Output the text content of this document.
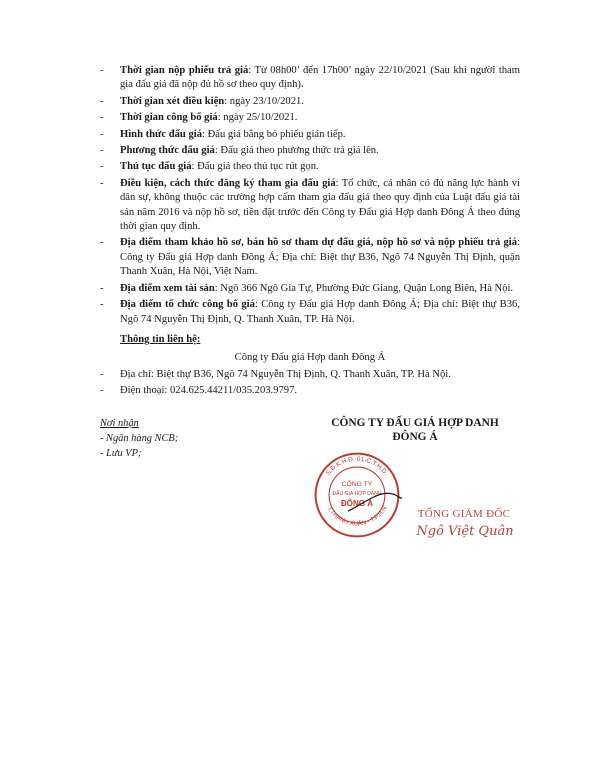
- Thời gian nộp phiếu trả giá: Từ 08h00’ đến 17h00’ ngày 22/10/2021 (Sau khi người tham gia đấu giá đã nộp đủ hồ sơ theo quy định).
- Thời gian xét điều kiện: ngày 23/10/2021.
- Thời gian công bố giá: ngày 25/10/2021.
- Hình thức đấu giá: Đấu giá bằng bỏ phiếu gián tiếp.
- Phương thức đấu giá: Đấu giá theo phương thức trả giá lên.
- Thủ tục đấu giá: Đấu giá theo thủ tục rút gọn.
- Điều kiện, cách thức đăng ký tham gia đấu giá: Tổ chức, cá nhân có đủ năng lực hành vi dân sự, không thuộc các trường hợp cấm tham gia đấu giá theo quy định của Luật đấu giá tài sản năm 2016 và nộp hồ sơ, tiền đặt trước đến Công ty Đấu giá Hợp danh Đông Á theo đúng thời gian quy định.
- Địa điểm tham khảo hồ sơ, bán hồ sơ tham dự đấu giá, nộp hồ sơ và nộp phiếu trả giá: Công ty Đấu giá Hợp danh Đông Á; Địa chỉ: Biệt thự B36, Ngõ 74 Nguyễn Thị Định, quận Thanh Xuân, Hà Nội, Việt Nam.
- Địa điểm xem tài sản: Ngõ 366 Ngô Gia Tự, Phường Đức Giang, Quận Long Biên, Hà Nội.
- Địa điểm tổ chức công bố giá: Công ty Đấu giá Hợp danh Đông Á; Địa chỉ: Biệt thự B36, Ngõ 74 Nguyễn Thị Định, Q. Thanh Xuân, TP. Hà Nội.
Thông tin liên hệ:
Công ty Đấu giá Hợp danh Đông Á
- Địa chỉ: Biệt thự B36, Ngõ 74 Nguyễn Thị Định, Q. Thanh Xuân, TP. Hà Nội.
- Điện thoại: 024.625.44211/035.203.9797.
Nơi nhận
- Ngân hàng NCB;
- Lưu VP;
CÔNG TY ĐẤU GIÁ HỢP DANH
ĐÔNG Á
S.Đ.K.H.Đ.-01-C.T.H.D.
T.THANH XUÂN - T.P.H.N
CÔNG TY
ĐẤU GIÁ HỢP DANH
ĐÔNG Á
TỔNG GIÁM ĐỐC
Ngô Việt Quân
